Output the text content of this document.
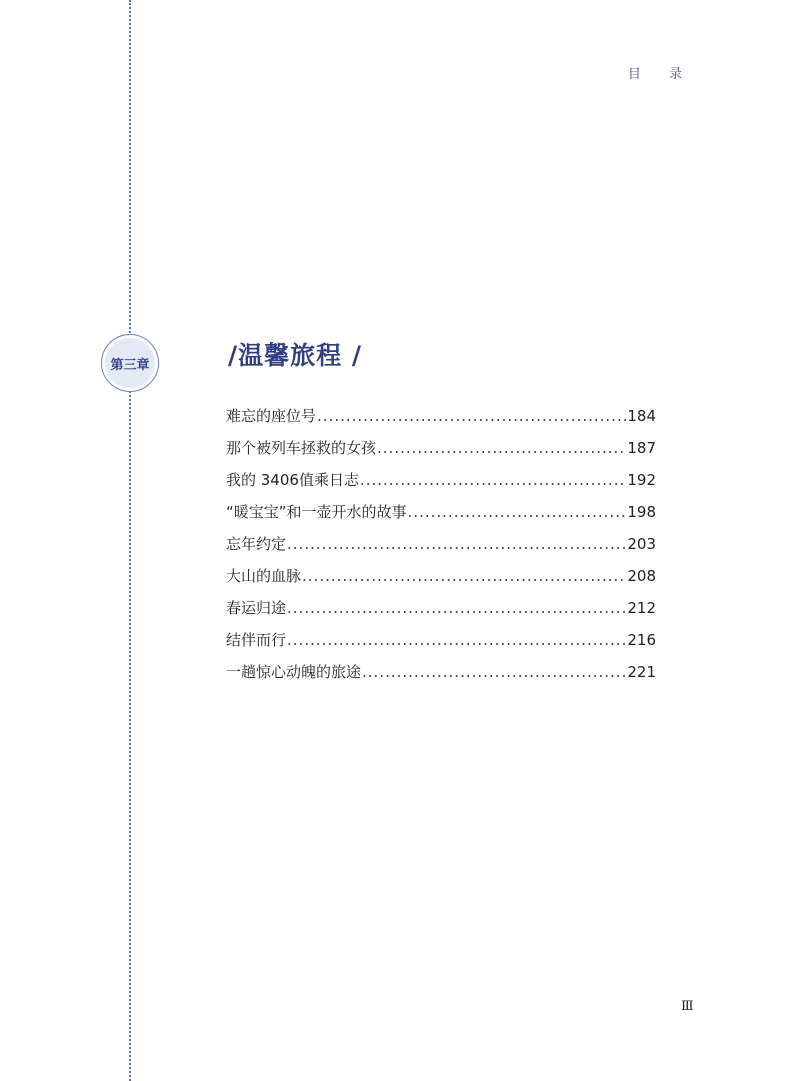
目 录
第三章	/温馨旅程 /
难忘的座位号 .....	184
那个被列车拯救的女孩 .....	187
我的 3406值乘日志 .....	192
“暖宝宝”和一壶开水的故事 .....	198
忘年约定 .....	203
大山的血脉 .....	208
春运归途 .....	212
结伴而行 .....	216
一趟惊心动魄的旅途 .....	221
Ⅲ
